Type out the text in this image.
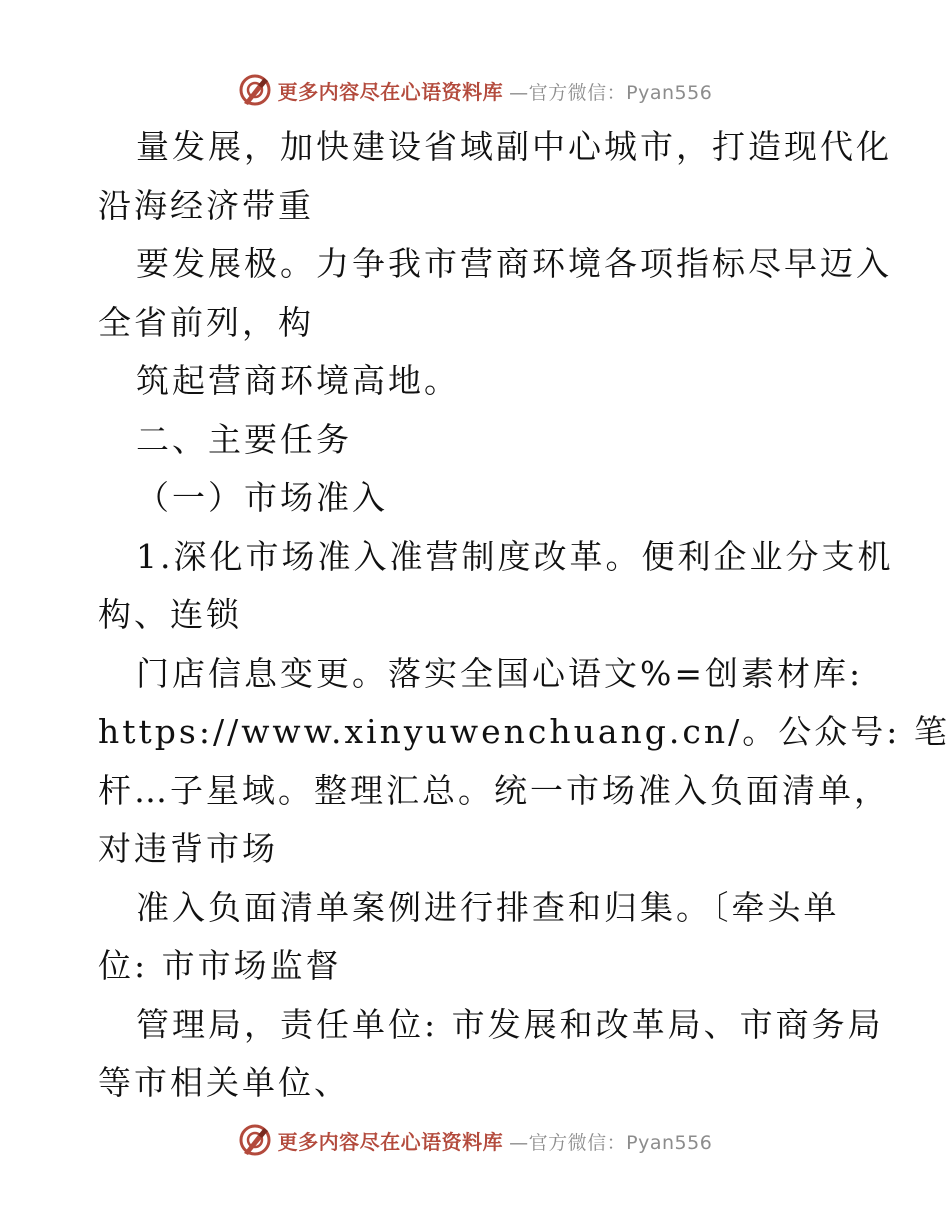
更多内容尽在心语资料库 —官方微信：Pyan556
量发展，加快建设省域副中心城市，打造现代化
沿海经济带重
要发展极。力争我市营商环境各项指标尽早迈入
全省前列，构
筑起营商环境高地。
二、主要任务
（一）市场准入
1.深化市场准入准营制度改革。便利企业分支机
构、连锁
门店信息变更。落实全国心语文%=创素材库:
https://www.xinyuwenchuang.cn/。公众号: 笔
杆…子星域。整理汇总。统一市场准入负面清单，
对违背市场
准入负面清单案例进行排查和归集。〔牵头单
位: 市市场监督
管理局，责任单位: 市发展和改革局、市商务局
等市相关单位、
更多内容尽在心语资料库 —官方微信：Pyan556
